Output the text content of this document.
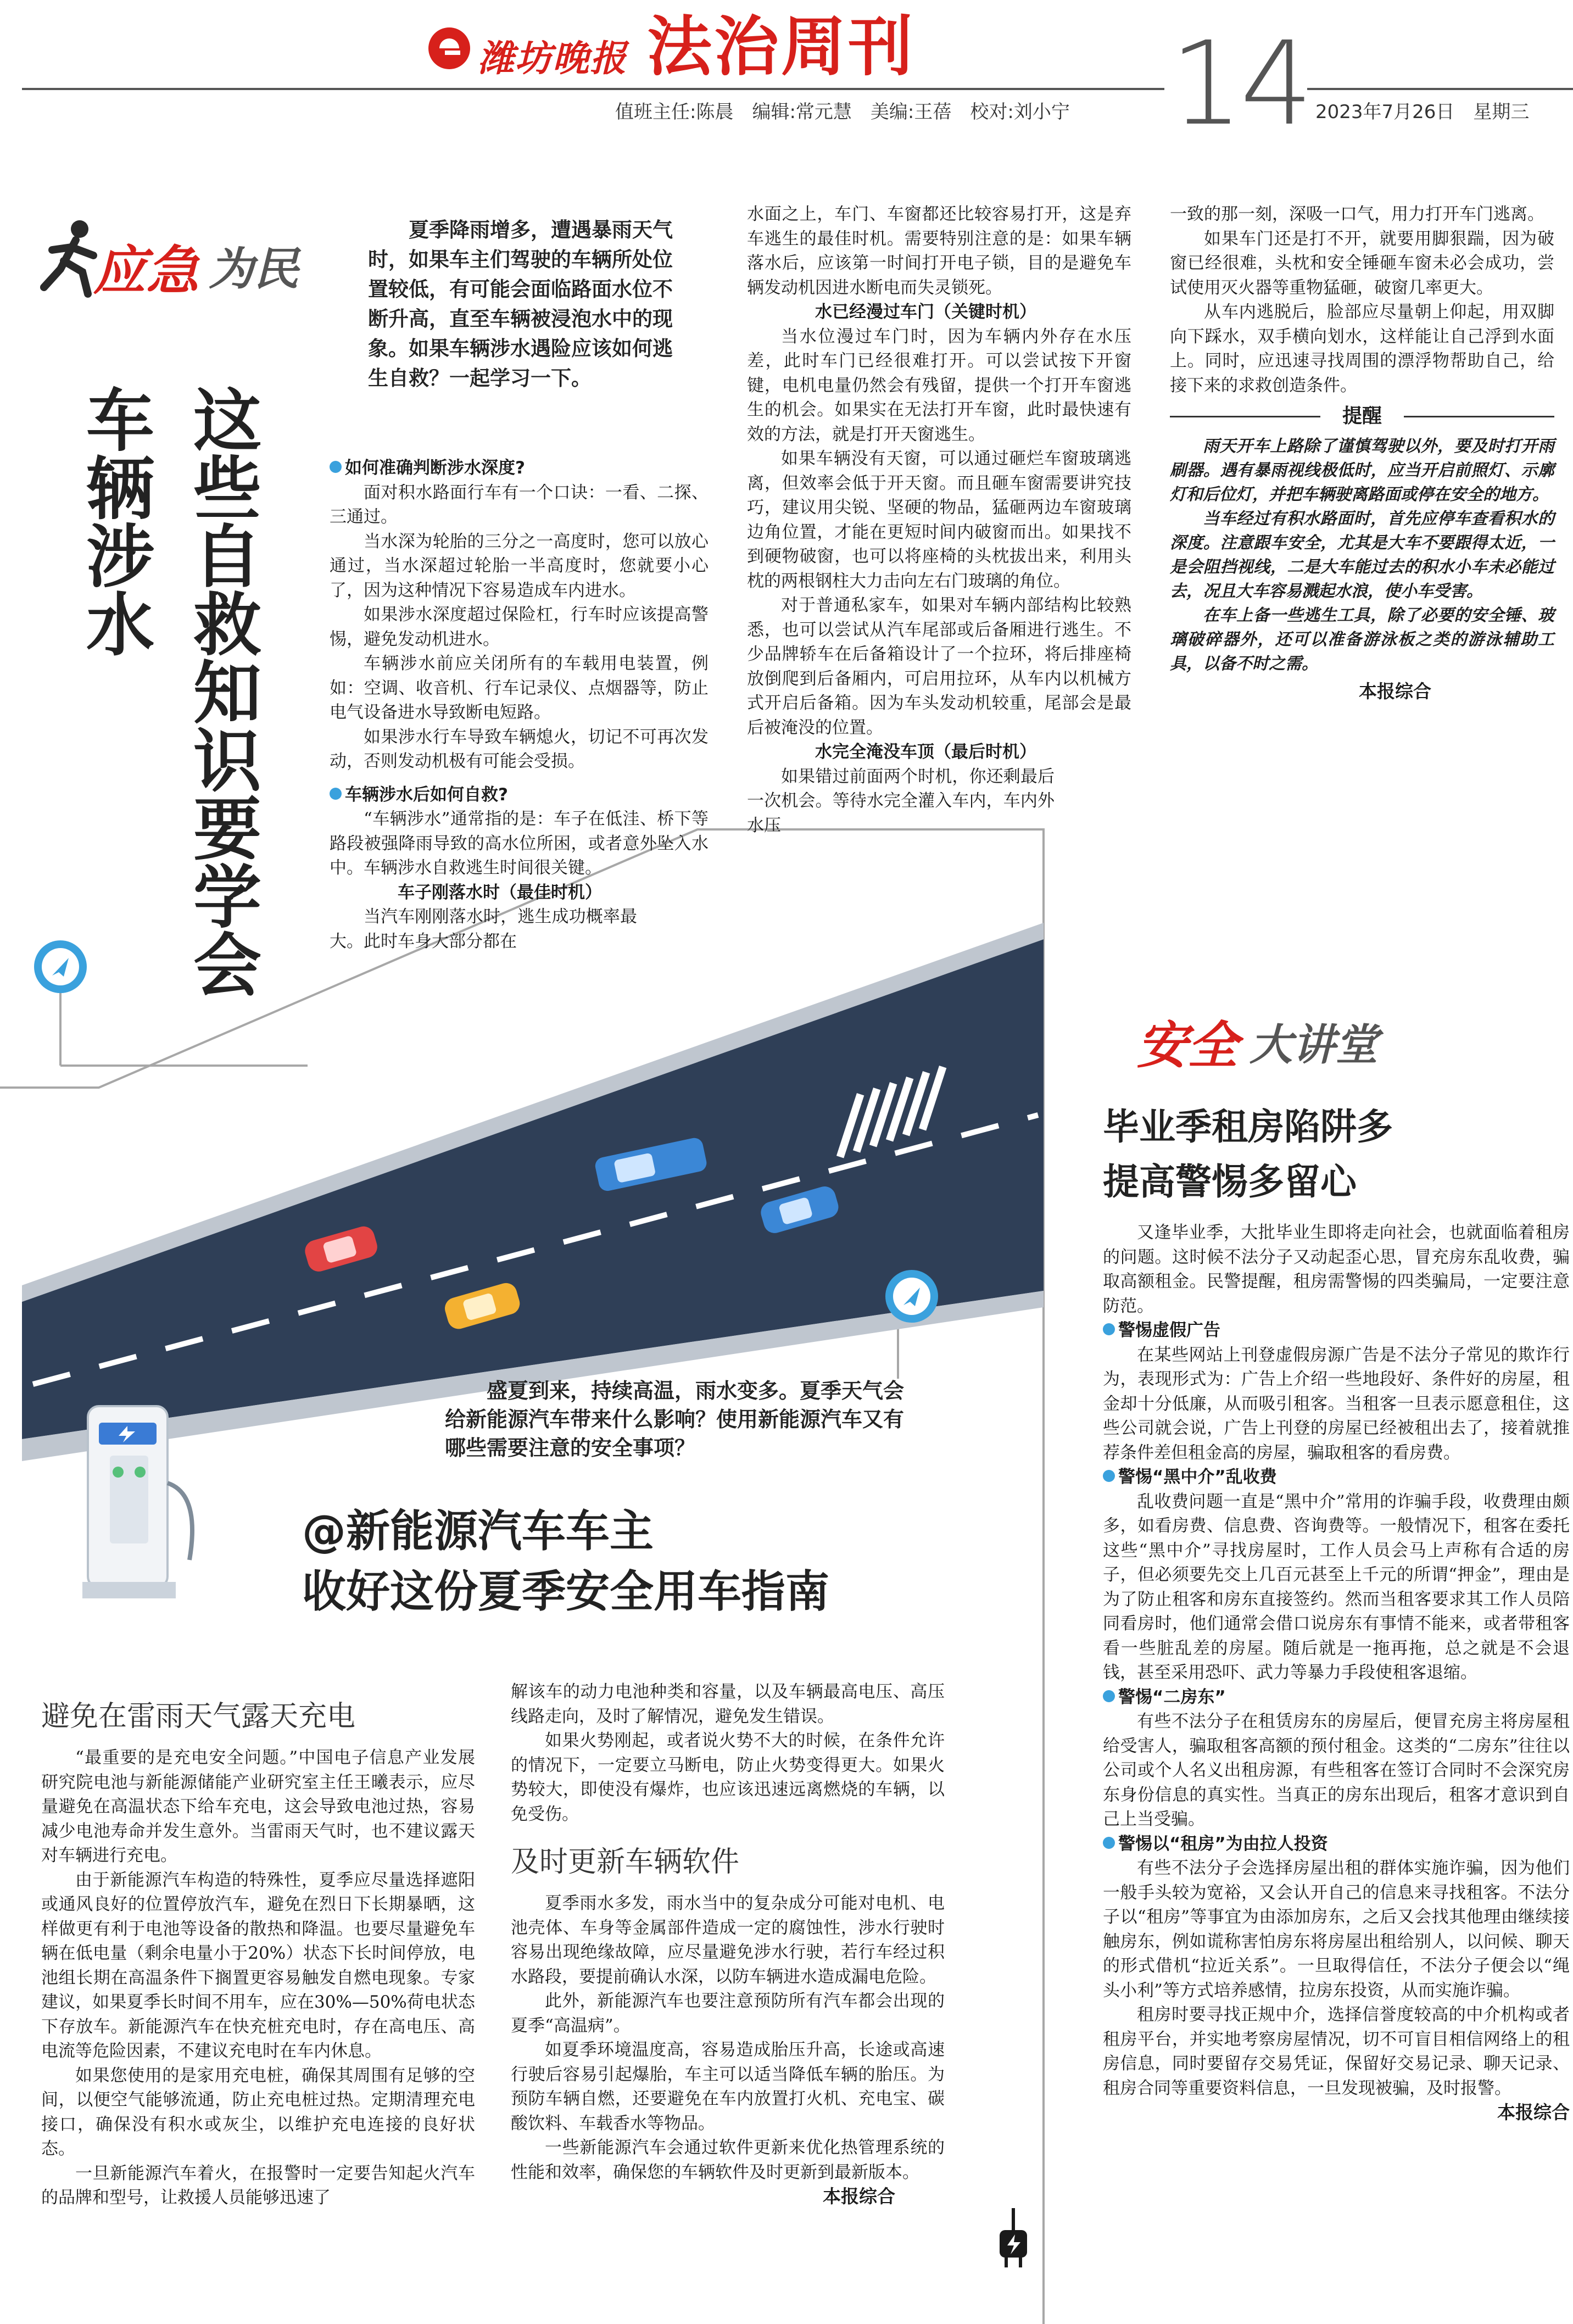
潍坊晚报 法治周刊
值班主任:陈晨　编辑:常元慧　美编:王蓓　校对:刘小宁 14 2023年7月26日　星期三
应急 为民
这些自救知识要学会
车辆涉水

夏季降雨增多，遭遇暴雨天气时，如果车主们驾驶的车辆所处位置较低，有可能会面临路面水位不断升高，直至车辆被浸泡水中的现象。如果车辆涉水遇险应该如何逃生自救？一起学习一下。

如何准确判断涉水深度?

面对积水路面行车有一个口诀：一看、二探、三通过。

当水深为轮胎的三分之一高度时，您可以放心通过，当水深超过轮胎一半高度时，您就要小心了，因为这种情况下容易造成车内进水。

如果涉水深度超过保险杠，行车时应该提高警惕，避免发动机进水。

车辆涉水前应关闭所有的车载用电装置，例如：空调、收音机、行车记录仪、点烟器等，防止电气设备进水导致断电短路。

如果涉水行车导致车辆熄火，切记不可再次发动，否则发动机极有可能会受损。

车辆涉水后如何自救?

“车辆涉水”通常指的是：车子在低洼、桥下等路段被强降雨导致的高水位所困，或者意外坠入水中。车辆涉水自救逃生时间很关键。

车子刚落水时（最佳时机）

当汽车刚刚落水时，逃生成功概率最大。此时车身大部分都在

水面之上，车门、车窗都还比较容易打开，这是弃车逃生的最佳时机。需要特别注意的是：如果车辆落水后，应该第一时间打开电子锁，目的是避免车辆发动机因进水断电而失灵锁死。

水已经漫过车门（关键时机）

当水位漫过车门时，因为车辆内外存在水压差，此时车门已经很难打开。可以尝试按下开窗键，电机电量仍然会有残留，提供一个打开车窗逃生的机会。如果实在无法打开车窗，此时最快速有效的方法，就是打开天窗逃生。

如果车辆没有天窗，可以通过砸烂车窗玻璃逃离，但效率会低于开天窗。而且砸车窗需要讲究技巧，建议用尖锐、坚硬的物品，猛砸两边车窗玻璃边角位置，才能在更短时间内破窗而出。如果找不到硬物破窗，也可以将座椅的头枕拔出来，利用头枕的两根钢柱大力击向左右门玻璃的角位。

对于普通私家车，如果对车辆内部结构比较熟悉，也可以尝试从汽车尾部或后备厢进行逃生。不少品牌轿车在后备箱设计了一个拉环，将后排座椅放倒爬到后备厢内，可启用拉环，从车内以机械方式开启后备箱。因为车头发动机较重，尾部会是最后被淹没的位置。

水完全淹没车顶（最后时机）

如果错过前面两个时机，你还剩最后一次机会。等待水完全灌入车内，车内外水压

一致的那一刻，深吸一口气，用力打开车门逃离。

如果车门还是打不开，就要用脚狠踹，因为破窗已经很难，头枕和安全锤砸车窗未必会成功，尝试使用灭火器等重物猛砸，破窗几率更大。

从车内逃脱后，脸部应尽量朝上仰起，用双脚向下踩水，双手横向划水，这样能让自己浮到水面上。同时，应迅速寻找周围的漂浮物帮助自己，给接下来的求救创造条件。

提醒

雨天开车上路除了谨慎驾驶以外，要及时打开雨刷器。遇有暴雨视线极低时，应当开启前照灯、示廓灯和后位灯，并把车辆驶离路面或停在安全的地方。

当车经过有积水路面时，首先应停车查看积水的深度。注意跟车安全，尤其是大车不要跟得太近，一是会阻挡视线，二是大车能过去的积水小车未必能过去，况且大车容易溅起水浪，使小车受害。

在车上备一些逃生工具，除了必要的安全锤、玻璃破碎器外，还可以准备游泳板之类的游泳辅助工具，以备不时之需。

本报综合

盛夏到来，持续高温，雨水变多。夏季天气会给新能源汽车带来什么影响？使用新能源汽车又有哪些需要注意的安全事项？

@新能源汽车车主
收好这份夏季安全用车指南

避免在雷雨天气露天充电

“最重要的是充电安全问题。”中国电子信息产业发展研究院电池与新能源储能产业研究室主任王曦表示，应尽量避免在高温状态下给车充电，这会导致电池过热，容易减少电池寿命并发生意外。当雷雨天气时，也不建议露天对车辆进行充电。

由于新能源汽车构造的特殊性，夏季应尽量选择遮阳或通风良好的位置停放汽车，避免在烈日下长期暴晒，这样做更有利于电池等设备的散热和降温。也要尽量避免车辆在低电量（剩余电量小于20%）状态下长时间停放，电池组长期在高温条件下搁置更容易触发自燃电现象。专家建议，如果夏季长时间不用车，应在30%—50%荷电状态下存放车。新能源汽车在快充桩充电时，存在高电压、高电流等危险因素，不建议充电时在车内休息。

如果您使用的是家用充电桩，确保其周围有足够的空间，以便空气能够流通，防止充电桩过热。定期清理充电接口，确保没有积水或灰尘，以维护充电连接的良好状态。

一旦新能源汽车着火，在报警时一定要告知起火汽车的品牌和型号，让救援人员能够迅速了

解该车的动力电池种类和容量，以及车辆最高电压、高压线路走向，及时了解情况，避免发生错误。

如果火势刚起，或者说火势不大的时候，在条件允许的情况下，一定要立马断电，防止火势变得更大。如果火势较大，即使没有爆炸，也应该迅速远离燃烧的车辆，以免受伤。

及时更新车辆软件

夏季雨水多发，雨水当中的复杂成分可能对电机、电池壳体、车身等金属部件造成一定的腐蚀性，涉水行驶时容易出现绝缘故障，应尽量避免涉水行驶，若行车经过积水路段，要提前确认水深，以防车辆进水造成漏电危险。

此外，新能源汽车也要注意预防所有汽车都会出现的夏季“高温病”。

如夏季环境温度高，容易造成胎压升高，长途或高速行驶后容易引起爆胎，车主可以适当降低车辆的胎压。为预防车辆自燃，还要避免在车内放置打火机、充电宝、碳酸饮料、车载香水等物品。

一些新能源汽车会通过软件更新来优化热管理系统的性能和效率，确保您的车辆软件及时更新到最新版本。

本报综合

安全 大讲堂
毕业季租房陷阱多
提高警惕多留心

又逢毕业季，大批毕业生即将走向社会，也就面临着租房的问题。这时候不法分子又动起歪心思，冒充房东乱收费，骗取高额租金。民警提醒，租房需警惕的四类骗局，一定要注意防范。

警惕虚假广告

在某些网站上刊登虚假房源广告是不法分子常见的欺诈行为，表现形式为：广告上介绍一些地段好、条件好的房屋，租金却十分低廉，从而吸引租客。当租客一旦表示愿意租住，这些公司就会说，广告上刊登的房屋已经被租出去了，接着就推荐条件差但租金高的房屋，骗取租客的看房费。

警惕“黑中介”乱收费

乱收费问题一直是“黑中介”常用的诈骗手段，收费理由颇多，如看房费、信息费、咨询费等。一般情况下，租客在委托这些“黑中介”寻找房屋时，工作人员会马上声称有合适的房子，但必须要先交上几百元甚至上千元的所谓“押金”，理由是为了防止租客和房东直接签约。然而当租客要求其工作人员陪同看房时，他们通常会借口说房东有事情不能来，或者带租客看一些脏乱差的房屋。随后就是一拖再拖，总之就是不会退钱，甚至采用恐吓、武力等暴力手段使租客退缩。

警惕“二房东”

有些不法分子在租赁房东的房屋后，便冒充房主将房屋租给受害人，骗取租客高额的预付租金。这类的“二房东”往往以公司或个人名义出租房源，有些租客在签订合同时不会深究房东身份信息的真实性。当真正的房东出现后，租客才意识到自己上当受骗。

警惕以“租房”为由拉人投资

有些不法分子会选择房屋出租的群体实施诈骗，因为他们一般手头较为宽裕，又会认开自己的信息来寻找租客。不法分子以“租房”等事宜为由添加房东，之后又会找其他理由继续接触房东，例如谎称害怕房东将房屋出租给别人，以问候、聊天的形式借机“拉近关系”。一旦取得信任，不法分子便会以“绳头小利”等方式培养感情，拉房东投资，从而实施诈骗。

租房时要寻找正规中介，选择信誉度较高的中介机构或者租房平台，并实地考察房屋情况，切不可盲目相信网络上的租房信息，同时要留存交易凭证，保留好交易记录、聊天记录、租房合同等重要资料信息，一旦发现被骗，及时报警。

本报综合
